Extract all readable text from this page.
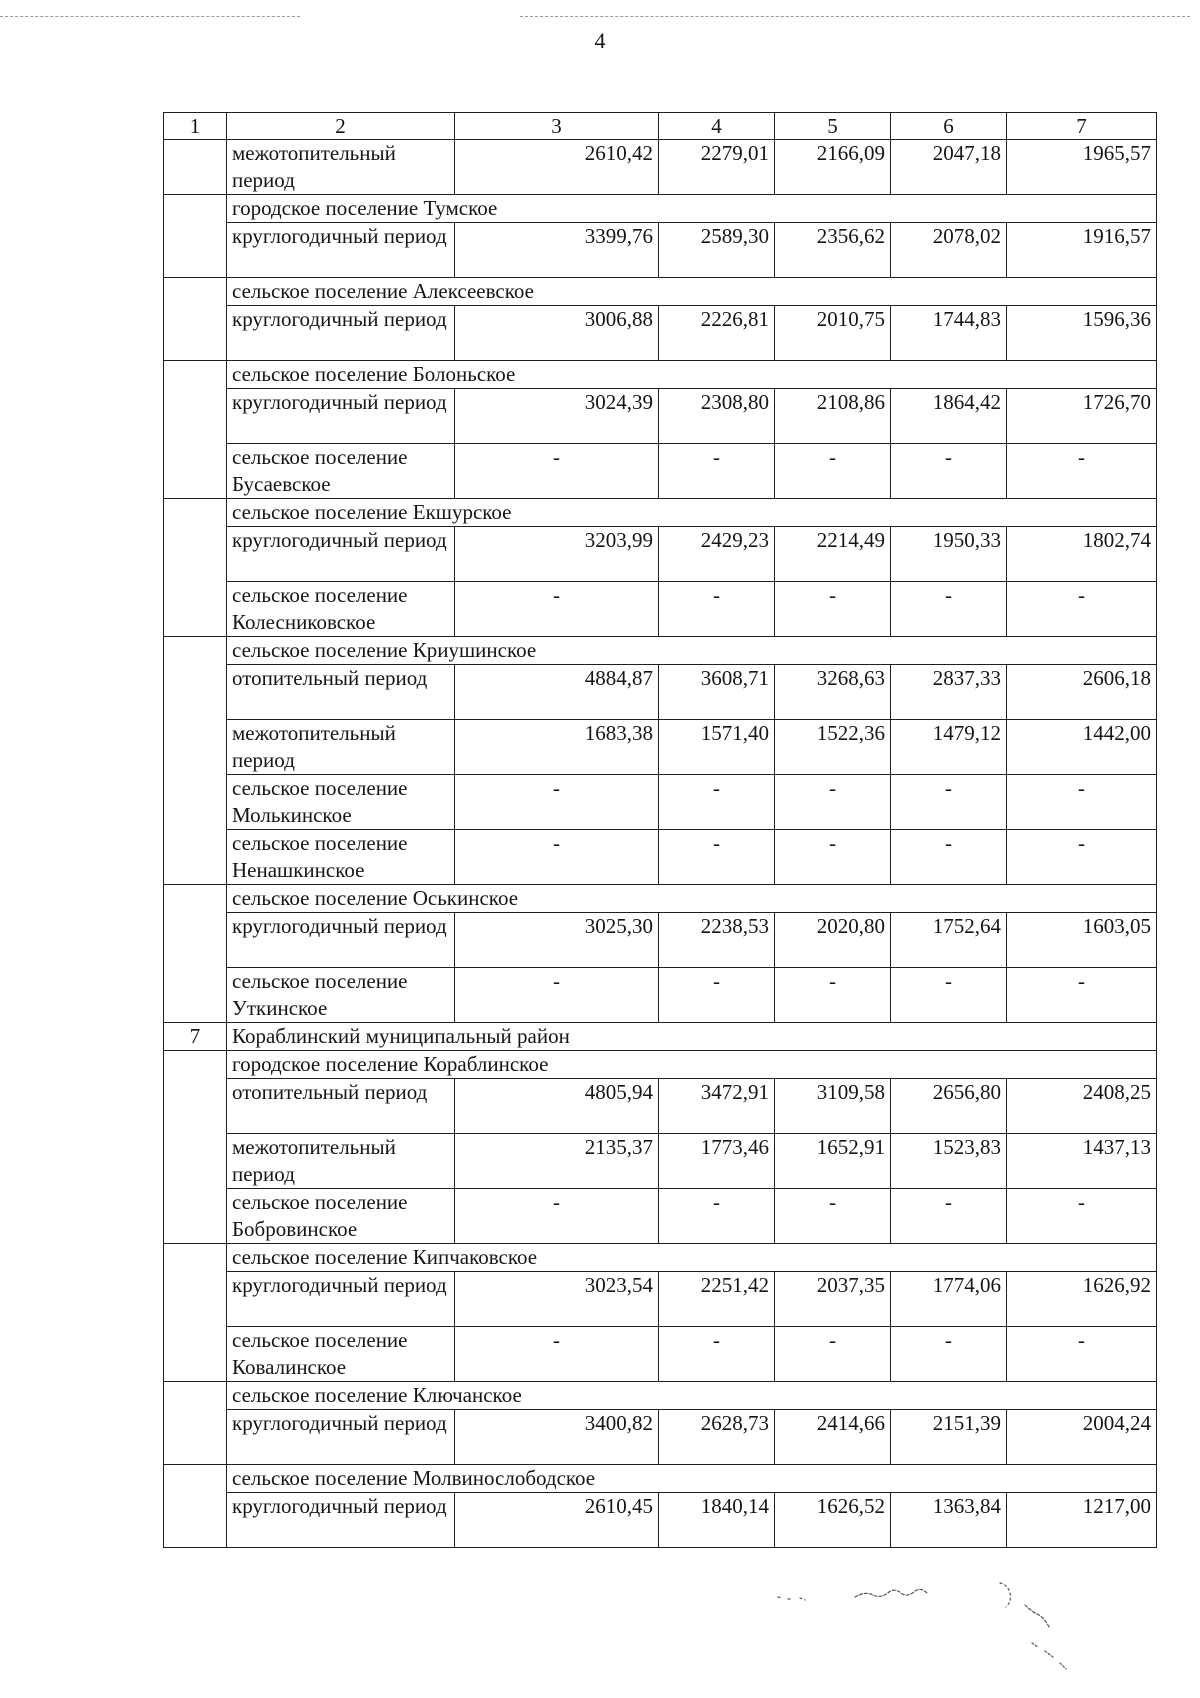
4
1	2	3	4	5	6	7
	межотопительный период	2610,42	2279,01	2166,09	2047,18	1965,57
	городское поселение Тумское					
	круглогодичный период	3399,76	2589,30	2356,62	2078,02	1916,57
	сельское поселение Алексеевское					
	круглогодичный период	3006,88	2226,81	2010,75	1744,83	1596,36
	сельское поселение Болоньское					
	круглогодичный период	3024,39	2308,80	2108,86	1864,42	1726,70
	сельское поселение Бусаевское	-	-	-	-	-
	сельское поселение Екшурское					
	круглогодичный период	3203,99	2429,23	2214,49	1950,33	1802,74
	сельское поселение Колесниковское	-	-	-	-	-
	сельское поселение Криушинское					
	отопительный период	4884,87	3608,71	3268,63	2837,33	2606,18
	межотопительный период	1683,38	1571,40	1522,36	1479,12	1442,00
	сельское поселение Молькинское	-	-	-	-	-
	сельское поселение Ненашкинское	-	-	-	-	-
	сельское поселение Оськинское					
	круглогодичный период	3025,30	2238,53	2020,80	1752,64	1603,05
	сельское поселение Уткинское	-	-	-	-	-
7	Кораблинский муниципальный район					
	городское поселение Кораблинское					
	отопительный период	4805,94	3472,91	3109,58	2656,80	2408,25
	межотопительный период	2135,37	1773,46	1652,91	1523,83	1437,13
	сельское поселение Бобровинское	-	-	-	-	-
	сельское поселение Кипчаковское					
	круглогодичный период	3023,54	2251,42	2037,35	1774,06	1626,92
	сельское поселение Ковалинское	-	-	-	-	-
	сельское поселение Ключанское					
	круглогодичный период	3400,82	2628,73	2414,66	2151,39	2004,24
	сельское поселение Молвинослободское					
	круглогодичный период	2610,45	1840,14	1626,52	1363,84	1217,00
